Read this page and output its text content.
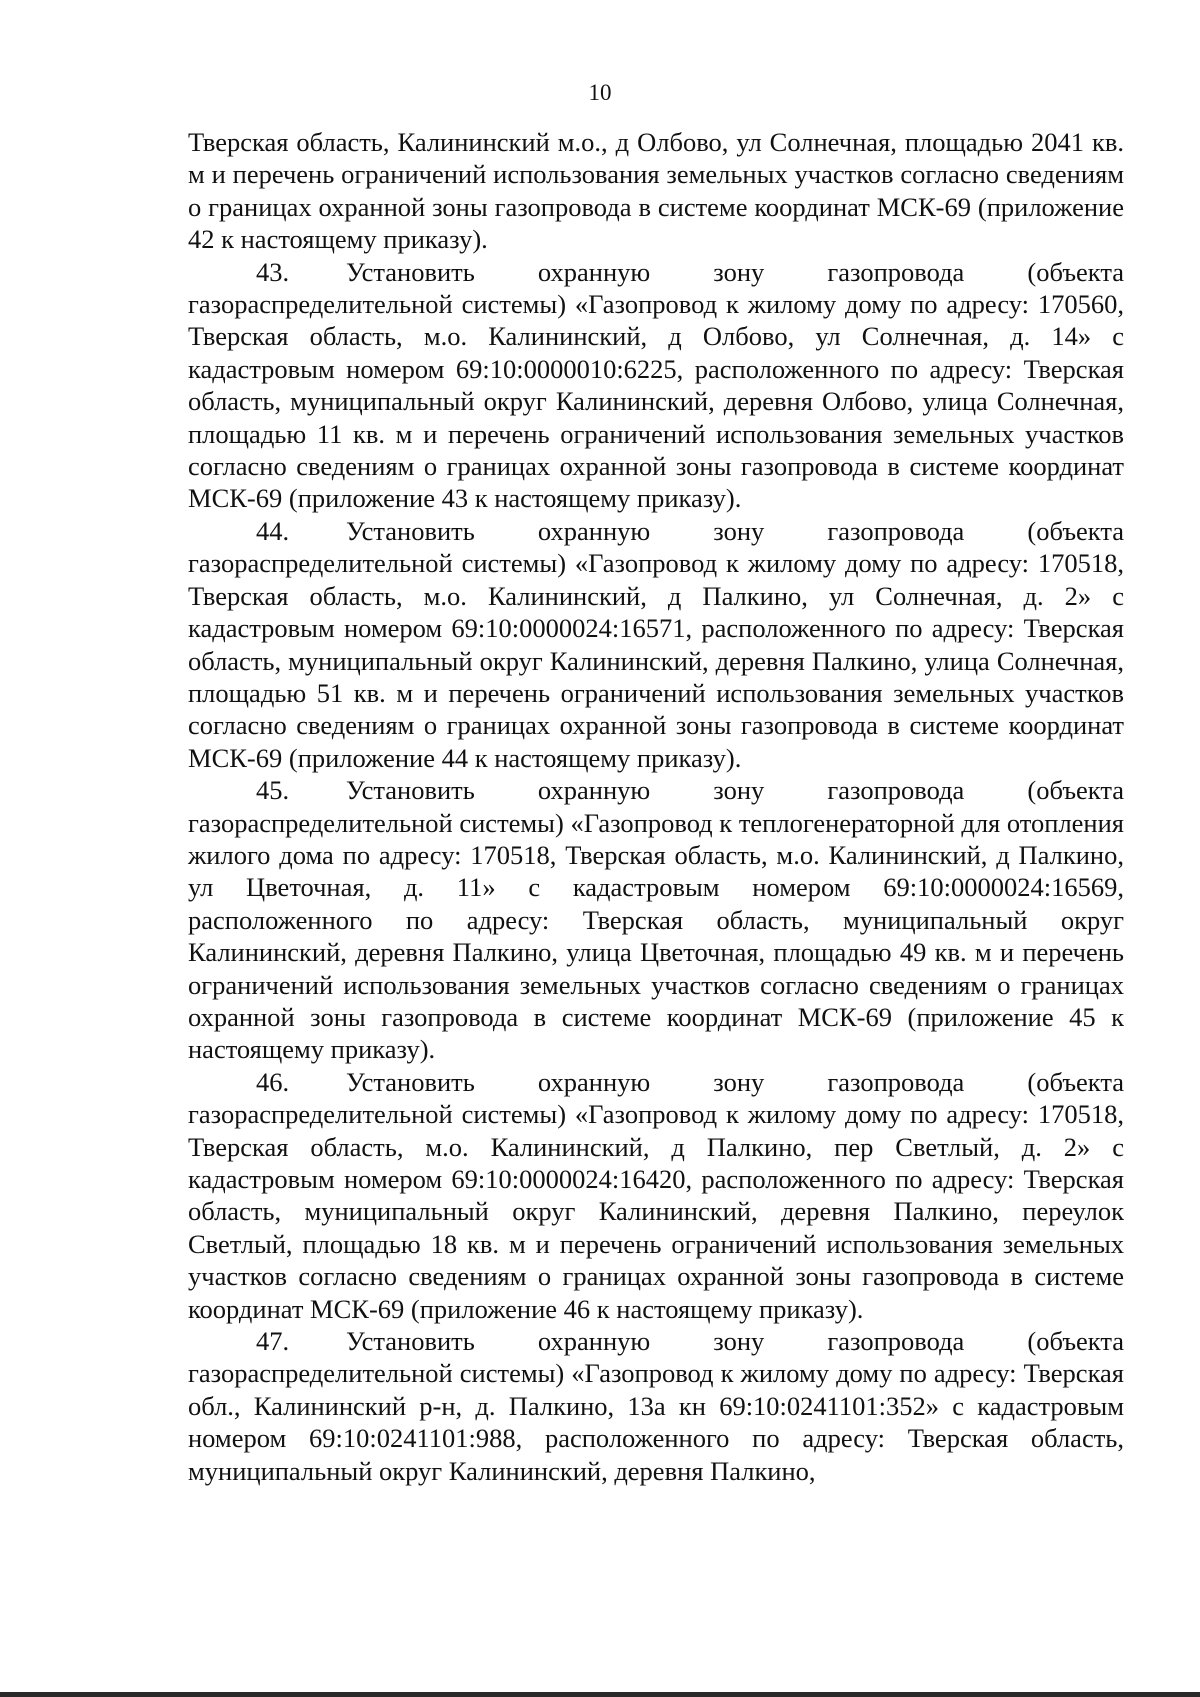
10

Тверская область, Калининский м.о., д Олбово, ул Солнечная, площадью 2041 кв. м и перечень ограничений использования земельных участков согласно сведениям о границах охранной зоны газопровода в системе координат МСК-69 (приложение 42 к настоящему приказу).

43. Установить охранную зону газопровода (объекта газораспределительной системы) «Газопровод к жилому дому по адресу: 170560, Тверская область, м.о. Калининский, д Олбово, ул Солнечная, д. 14» с кадастровым номером 69:10:0000010:6225, расположенного по адресу: Тверская область, муниципальный округ Калининский, деревня Олбово, улица Солнечная, площадью 11 кв. м и перечень ограничений использования земельных участков согласно сведениям о границах охранной зоны газопровода в системе координат МСК-69 (приложение 43 к настоящему приказу).

44. Установить охранную зону газопровода (объекта газораспределительной системы) «Газопровод к жилому дому по адресу: 170518, Тверская область, м.о. Калининский, д Палкино, ул Солнечная, д. 2» с кадастровым номером 69:10:0000024:16571, расположенного по адресу: Тверская область, муниципальный округ Калининский, деревня Палкино, улица Солнечная, площадью 51 кв. м и перечень ограничений использования земельных участков согласно сведениям о границах охранной зоны газопровода в системе координат МСК-69 (приложение 44 к настоящему приказу).

45. Установить охранную зону газопровода (объекта газораспределительной системы) «Газопровод к теплогенераторной для отопления жилого дома по адресу: 170518, Тверская область, м.о. Калининский, д Палкино, ул Цветочная, д. 11» с кадастровым номером 69:10:0000024:16569, расположенного по адресу: Тверская область, муниципальный округ Калининский, деревня Палкино, улица Цветочная, площадью 49 кв. м и перечень ограничений использования земельных участков согласно сведениям о границах охранной зоны газопровода в системе координат МСК-69 (приложение 45 к настоящему приказу).

46. Установить охранную зону газопровода (объекта газораспределительной системы) «Газопровод к жилому дому по адресу: 170518, Тверская область, м.о. Калининский, д Палкино, пер Светлый, д. 2» с кадастровым номером 69:10:0000024:16420, расположенного по адресу: Тверская область, муниципальный округ Калининский, деревня Палкино, переулок Светлый, площадью 18 кв. м и перечень ограничений использования земельных участков согласно сведениям о границах охранной зоны газопровода в системе координат МСК-69 (приложение 46 к настоящему приказу).

47. Установить охранную зону газопровода (объекта газораспределительной системы) «Газопровод к жилому дому по адресу: Тверская обл., Калининский р-н, д. Палкино, 13а кн 69:10:0241101:352» с кадастровым номером 69:10:0241101:988, расположенного по адресу: Тверская область, муниципальный округ Калининский, деревня Палкино,
